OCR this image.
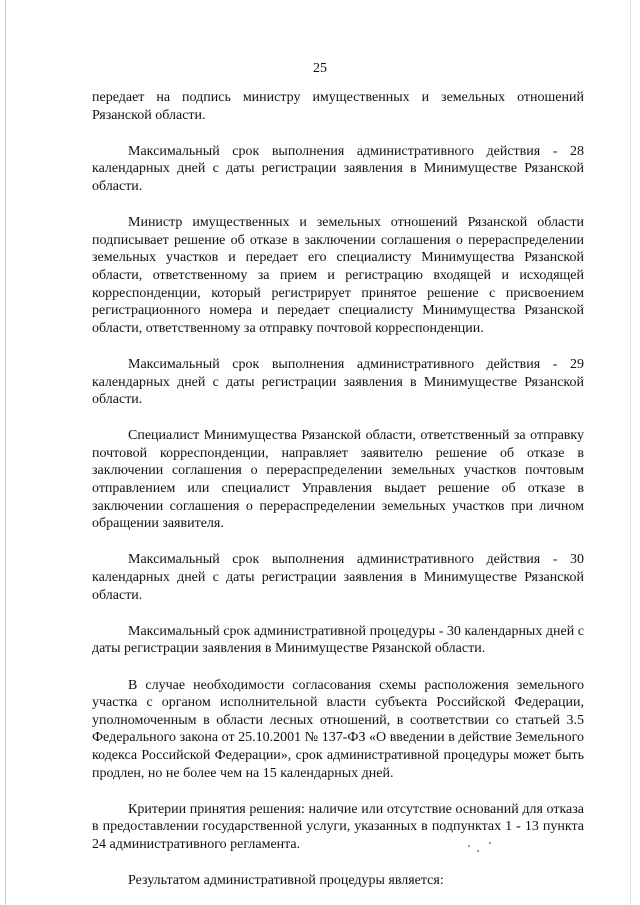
25

передает на подпись министру имущественных и земельных отношений Рязанской области.

Максимальный срок выполнения административного действия - 28 календарных дней с даты регистрации заявления в Минимуществе Рязанской области.

Министр имущественных и земельных отношений Рязанской области подписывает решение об отказе в заключении соглашения о перераспределении земельных участков и передает его специалисту Минимущества Рязанской области, ответственному за прием и регистрацию входящей и исходящей корреспонденции, который регистрирует принятое решение с присвоением регистрационного номера и передает специалисту Минимущества Рязанской области, ответственному за отправку почтовой корреспонденции.

Максимальный срок выполнения административного действия - 29 календарных дней с даты регистрации заявления в Минимуществе Рязанской области.

Специалист Минимущества Рязанской области, ответственный за отправку почтовой корреспонденции, направляет заявителю решение об отказе в заключении соглашения о перераспределении земельных участков почтовым отправлением или специалист Управления выдает решение об отказе в заключении соглашения о перераспределении земельных участков при личном обращении заявителя.

Максимальный срок выполнения административного действия - 30 календарных дней с даты регистрации заявления в Минимуществе Рязанской области.

Максимальный срок административной процедуры - 30 календарных дней с даты регистрации заявления в Минимуществе Рязанской области.

В случае необходимости согласования схемы расположения земельного участка с органом исполнительной власти субъекта Российской Федерации, уполномоченным в области лесных отношений, в соответствии со статьей 3.5 Федерального закона от 25.10.2001 № 137-ФЗ «О введении в действие Земельного кодекса Российской Федерации», срок административной процедуры может быть продлен, но не более чем на 15 календарных дней.

Критерии принятия решения: наличие или отсутствие оснований для отказа в предоставлении государственной услуги, указанных в подпунктах 1 - 13 пункта 24 административного регламента.

Результатом административной процедуры является:
